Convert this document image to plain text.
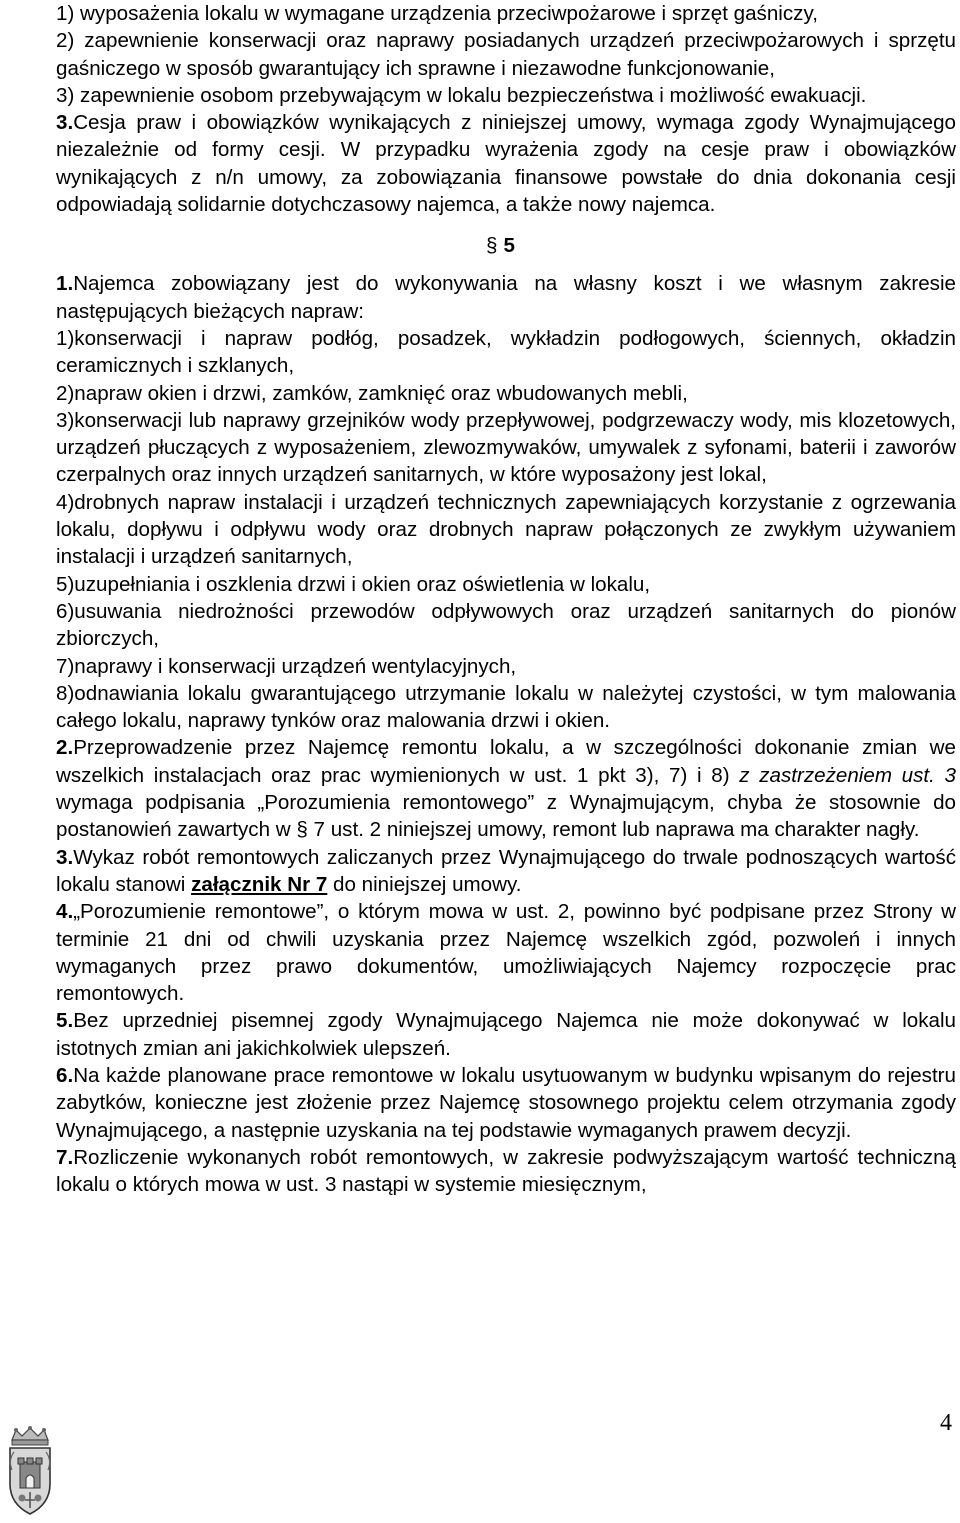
1) wyposażenia lokalu w wymagane urządzenia przeciwpożarowe i sprzęt gaśniczy,

2) zapewnienie konserwacji oraz naprawy posiadanych urządzeń przeciwpożarowych i sprzętu gaśniczego w sposób gwarantujący ich sprawne i niezawodne funkcjonowanie,

3) zapewnienie osobom przebywającym w lokalu bezpieczeństwa i możliwość ewakuacji.

3.Cesja praw i obowiązków wynikających z niniejszej umowy, wymaga zgody Wynajmującego niezależnie od formy cesji. W przypadku wyrażenia zgody na cesje praw i obowiązków wynikających z n/n umowy, za zobowiązania finansowe powstałe do dnia dokonania cesji odpowiadają solidarnie dotychczasowy najemca, a także nowy najemca.

§ 5

1.Najemca zobowiązany jest do wykonywania na własny koszt i we własnym zakresie następujących bieżących napraw:

1)konserwacji i napraw podłóg, posadzek, wykładzin podłogowych, ściennych, okładzin ceramicznych i szklanych,

2)napraw okien i drzwi, zamków, zamknięć oraz wbudowanych mebli,

3)konserwacji lub naprawy grzejników wody przepływowej, podgrzewaczy wody, mis klozetowych, urządzeń płuczących z wyposażeniem, zlewozmywaków, umywalek z syfonami, baterii i zaworów czerpalnych oraz innych urządzeń sanitarnych, w które wyposażony jest lokal,

4)drobnych napraw instalacji i urządzeń technicznych zapewniających korzystanie z ogrzewania lokalu, dopływu i odpływu wody oraz drobnych napraw połączonych ze zwykłym używaniem instalacji i urządzeń sanitarnych,

5)uzupełniania i oszklenia drzwi i okien oraz oświetlenia w lokalu,

6)usuwania niedrożności przewodów odpływowych oraz urządzeń sanitarnych do pionów zbiorczych,

7)naprawy i konserwacji urządzeń wentylacyjnych,

8)odnawiania lokalu gwarantującego utrzymanie lokalu w należytej czystości, w tym malowania całego lokalu, naprawy tynków oraz malowania drzwi i okien.

2.Przeprowadzenie przez Najemcę remontu lokalu, a w szczególności dokonanie zmian we wszelkich instalacjach oraz prac wymienionych w ust. 1 pkt 3), 7) i 8) z zastrzeżeniem ust. 3 wymaga podpisania „Porozumienia remontowego” z Wynajmującym, chyba że stosownie do postanowień zawartych w § 7 ust. 2 niniejszej umowy, remont lub naprawa ma charakter nagły.

3.Wykaz robót remontowych zaliczanych przez Wynajmującego do trwale podnoszących wartość lokalu stanowi załącznik Nr 7 do niniejszej umowy.

4.„Porozumienie remontowe”, o którym mowa w ust. 2, powinno być podpisane przez Strony w terminie 21 dni od chwili uzyskania przez Najemcę wszelkich zgód, pozwoleń i innych wymaganych przez prawo dokumentów, umożliwiających Najemcy rozpoczęcie prac remontowych.

5.Bez uprzedniej pisemnej zgody Wynajmującego Najemca nie może dokonywać w lokalu istotnych zmian ani jakichkolwiek ulepszeń.

6.Na każde planowane prace remontowe w lokalu usytuowanym w budynku wpisanym do rejestru zabytków, konieczne jest złożenie przez Najemcę stosownego projektu celem otrzymania zgody Wynajmującego, a następnie uzyskania na tej podstawie wymaganych prawem decyzji.

7.Rozliczenie wykonanych robót remontowych, w zakresie podwyższającym wartość techniczną lokalu o których mowa w ust. 3 nastąpi w systemie miesięcznym,

4
